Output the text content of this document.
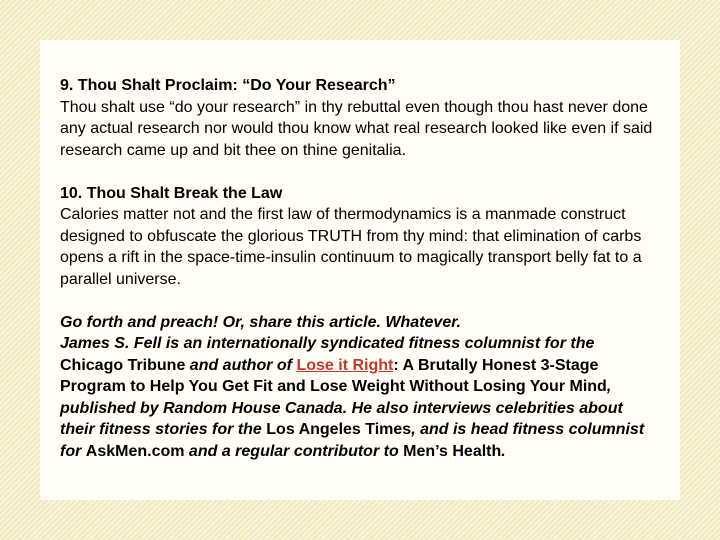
9. Thou Shalt Proclaim: “Do Your Research”

Thou shalt use “do your research” in thy rebuttal even though thou hast never done any actual research nor would thou know what real research looked like even if said research came up and bit thee on thine genitalia.

10. Thou Shalt Break the Law

Calories matter not and the first law of thermodynamics is a manmade construct designed to obfuscate the glorious TRUTH from thy mind: that elimination of carbs opens a rift in the space-time-insulin continuum to magically transport belly fat to a parallel universe.

Go forth and preach! Or, share this article. Whatever.

James S. Fell is an internationally syndicated fitness columnist for the Chicago Tribune and author of Lose it Right: A Brutally Honest 3-Stage Program to Help You Get Fit and Lose Weight Without Losing Your Mind, published by Random House Canada. He also interviews celebrities about their fitness stories for the Los Angeles Times, and is head fitness columnist for AskMen.com and a regular contributor to Men’s Health.
